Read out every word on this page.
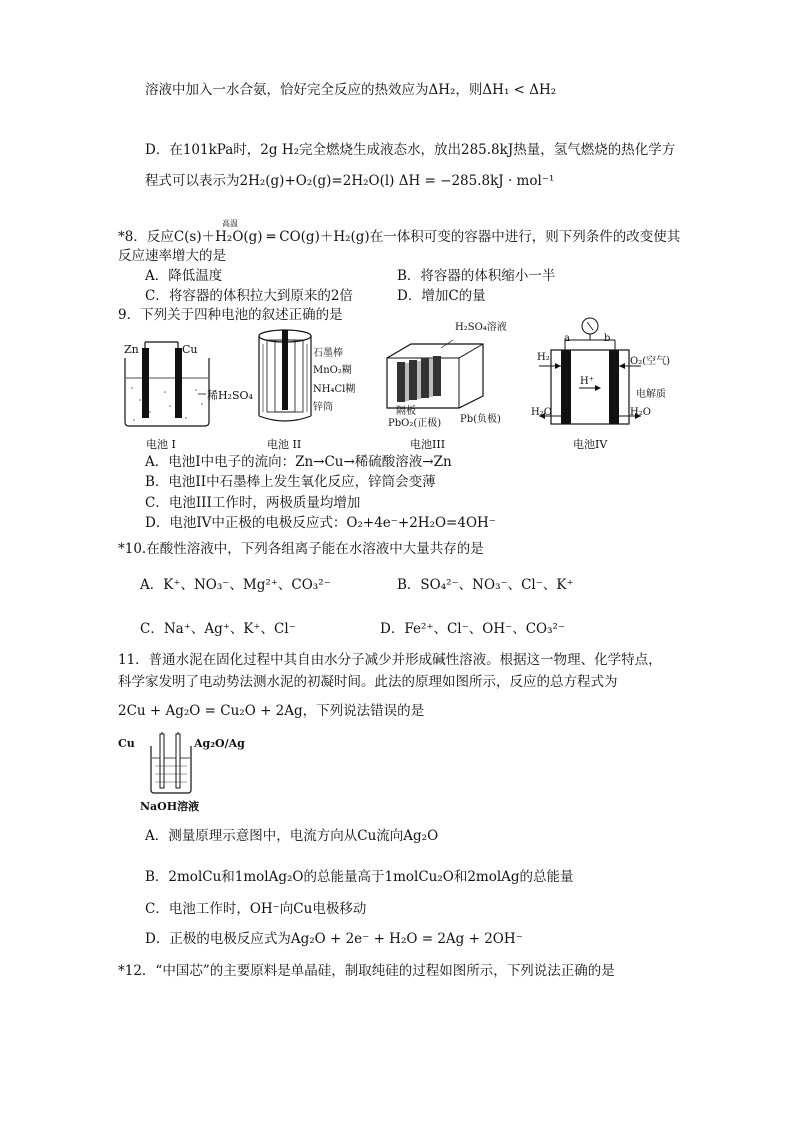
溶液中加入一水合氨，恰好完全反应的热效应为ΔH₂，则ΔH₁ < ΔH₂
D．在101kPa时，2g H₂完全燃烧生成液态水，放出285.8kJ热量，氢气燃烧的热化学方
程式可以表示为2H₂(g)+O₂(g)=2H₂O(l) ΔH = −285.8kJ · mol⁻¹
高温
*8．反应C(s)＋H₂O(g) ═ CO(g)＋H₂(g)在一体积可变的容器中进行，则下列条件的改变使其
反应速率增大的是
A．降低温度	B．将容器的体积缩小一半
C．将容器的体积拉大到原来的2倍	D．增加C的量
9．下列关于四种电池的叙述正确的是
Zn	Cu
稀H₂SO₄
电池 I
石墨棒
MnO₂糊
NH₄Cl糊
锌筒
电池 II
H₂SO₄溶液
隔板
PbO₂(正极) Pb(负极)
电池III
a	b
H₂	O₂(空气)
H⁺
电解质
H₂O	H₂O
电池IV
A．电池I中电子的流向：Zn→Cu→稀硫酸溶液→Zn
B．电池II中石墨棒上发生氧化反应，锌筒会变薄
C．电池III工作时，两极质量均增加
D．电池IV中正极的电极反应式：O₂+4e⁻+2H₂O=4OH⁻
*10.在酸性溶液中，下列各组离子能在水溶液中大量共存的是
A．K⁺、NO₃⁻、Mg²⁺、CO₃²⁻	B．SO₄²⁻、NO₃⁻、Cl⁻、K⁺
C．Na⁺、Ag⁺、K⁺、Cl⁻	D．Fe²⁺、Cl⁻、OH⁻、CO₃²⁻
11．普通水泥在固化过程中其自由水分子减少并形成碱性溶液。根据这一物理、化学特点，
科学家发明了电动势法测水泥的初凝时间。此法的原理如图所示，反应的总方程式为
2Cu + Ag₂O = Cu₂O + 2Ag，下列说法错误的是
Cu	Ag₂O/Ag
NaOH溶液
A．测量原理示意图中，电流方向从Cu流向Ag₂O
B．2molCu和1molAg₂O的总能量高于1molCu₂O和2molAg的总能量
C．电池工作时，OH⁻向Cu电极移动
D．正极的电极反应式为Ag₂O + 2e⁻ + H₂O = 2Ag + 2OH⁻
*12．“中国芯”的主要原料是单晶硅，制取纯硅的过程如图所示，下列说法正确的是
